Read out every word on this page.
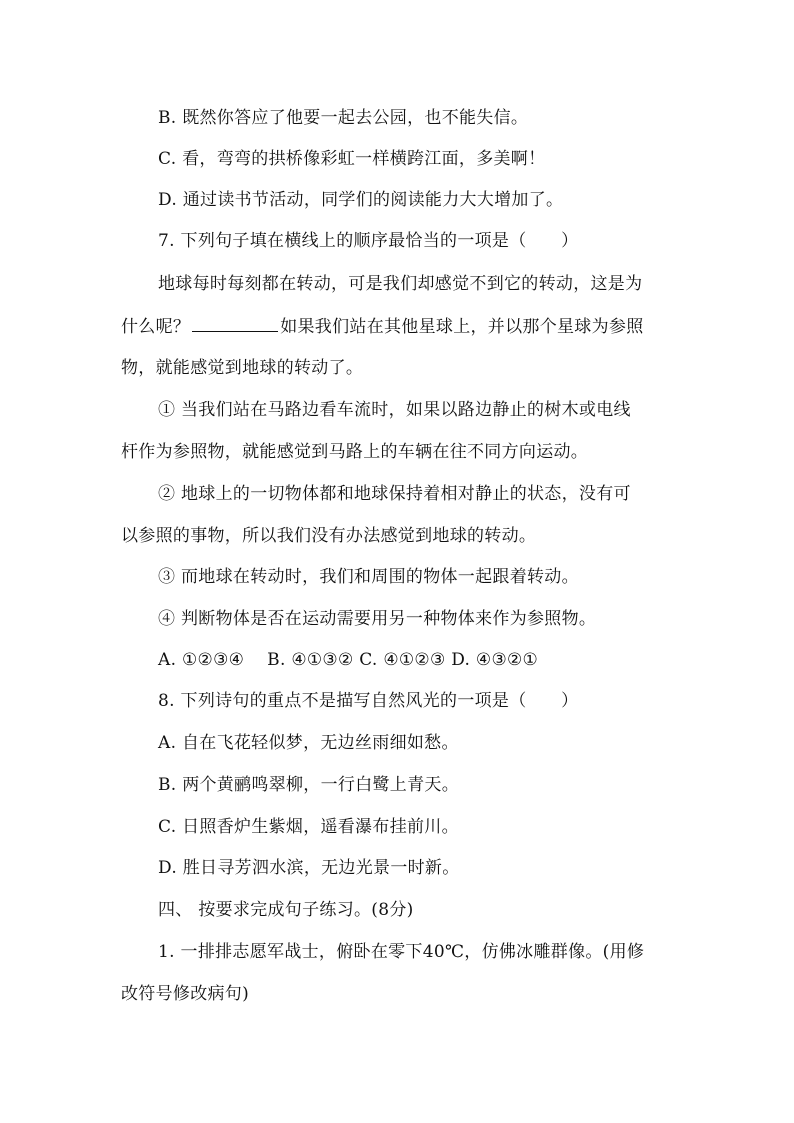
B. 既然你答应了他要一起去公园，也不能失信。
C. 看，弯弯的拱桥像彩虹一样横跨江面，多美啊！
D. 通过读书节活动，同学们的阅读能力大大增加了。
7. 下列句子填在横线上的顺序最恰当的一项是（　　）
地球每时每刻都在转动，可是我们却感觉不到它的转动，这是为
什么呢？	如果我们站在其他星球上，并以那个星球为参照
物，就能感觉到地球的转动了。
① 当我们站在马路边看车流时，如果以路边静止的树木或电线
杆作为参照物，就能感觉到马路上的车辆在往不同方向运动。
② 地球上的一切物体都和地球保持着相对静止的状态，没有可
以参照的事物，所以我们没有办法感觉到地球的转动。
③ 而地球在转动时，我们和周围的物体一起跟着转动。
④ 判断物体是否在运动需要用另一种物体来作为参照物。
A. ①②③④　 B. ④①③② C. ④①②③ D. ④③②①
8. 下列诗句的重点不是描写自然风光的一项是（　　）
A. 自在飞花轻似梦，无边丝雨细如愁。
B. 两个黄鹂鸣翠柳，一行白鹭上青天。
C. 日照香炉生紫烟，遥看瀑布挂前川。
D. 胜日寻芳泗水滨，无边光景一时新。
四、 按要求完成句子练习。(8分)
1. 一排排志愿军战士，俯卧在零下40℃，仿佛冰雕群像。(用修
改符号修改病句)
